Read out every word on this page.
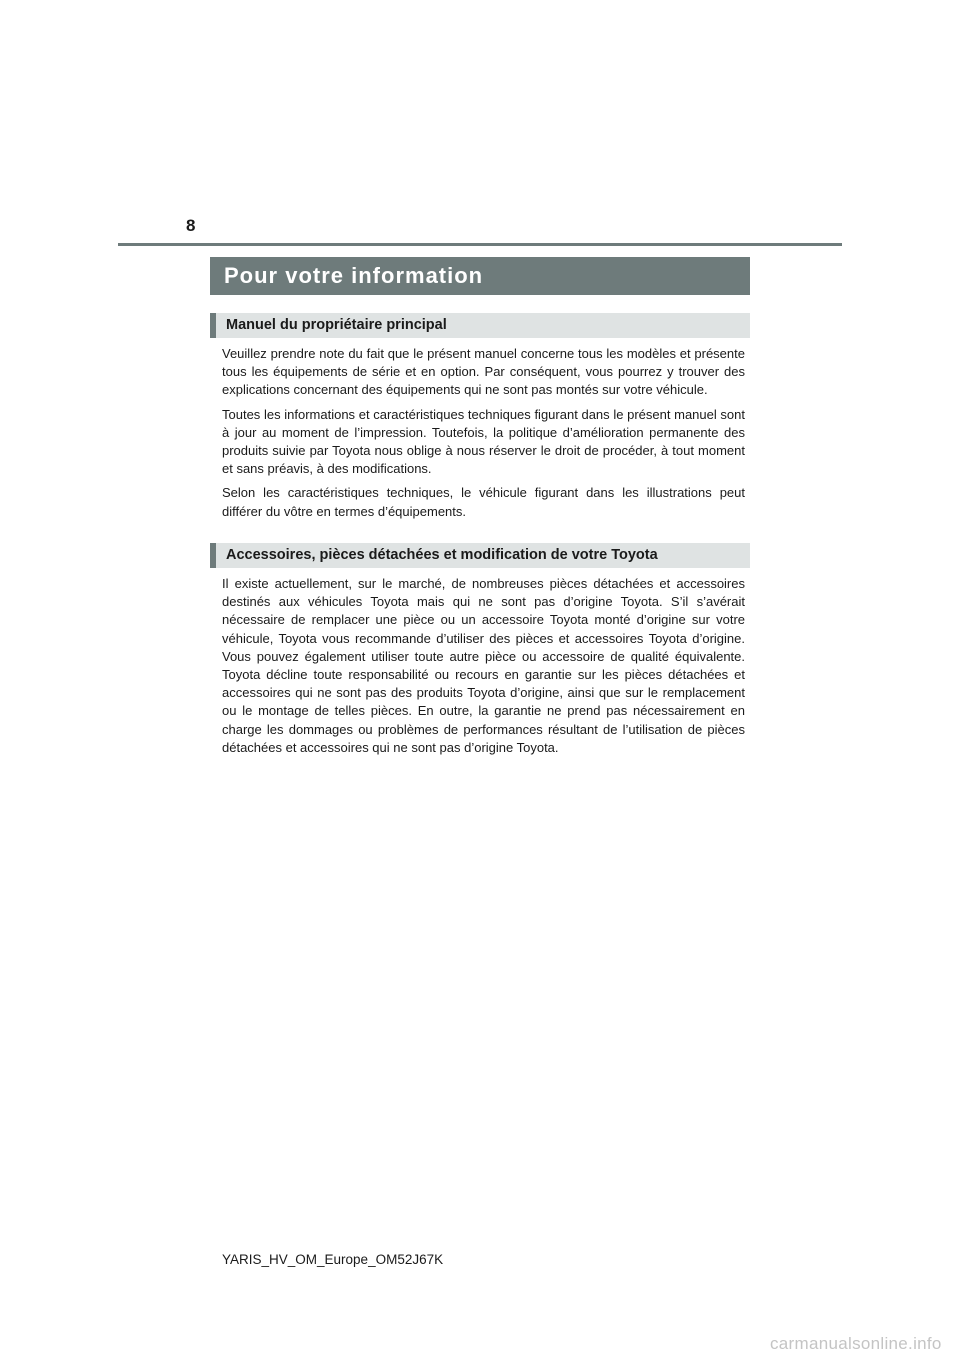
8
Pour votre information
Manuel du propriétaire principal

Veuillez prendre note du fait que le présent manuel concerne tous les modèles et présente tous les équipements de série et en option. Par conséquent, vous pourrez y trouver des explications concernant des équipements qui ne sont pas montés sur votre véhicule.

Toutes les informations et caractéristiques techniques figurant dans le présent manuel sont à jour au moment de l’impression. Toutefois, la politique d’amélioration permanente des produits suivie par Toyota nous oblige à nous réserver le droit de procéder, à tout moment et sans préavis, à des modifications.

Selon les caractéristiques techniques, le véhicule figurant dans les illustrations peut différer du vôtre en termes d’équipements.

Accessoires, pièces détachées et modification de votre Toyota

Il existe actuellement, sur le marché, de nombreuses pièces détachées et accessoires destinés aux véhicules Toyota mais qui ne sont pas d’origine Toyota. S’il s’avérait nécessaire de remplacer une pièce ou un accessoire Toyota monté d’origine sur votre véhicule, Toyota vous recommande d’utiliser des pièces et accessoires Toyota d’origine. Vous pouvez également utiliser toute autre pièce ou accessoire de qualité équivalente. Toyota décline toute responsabilité ou recours en garantie sur les pièces détachées et accessoires qui ne sont pas des produits Toyota d’origine, ainsi que sur le remplacement ou le montage de telles pièces. En outre, la garantie ne prend pas nécessairement en charge les dommages ou problèmes de performances résultant de l’utilisation de pièces détachées et accessoires qui ne sont pas d’origine Toyota.

YARIS_HV_OM_Europe_OM52J67K
carmanualsonline.info
